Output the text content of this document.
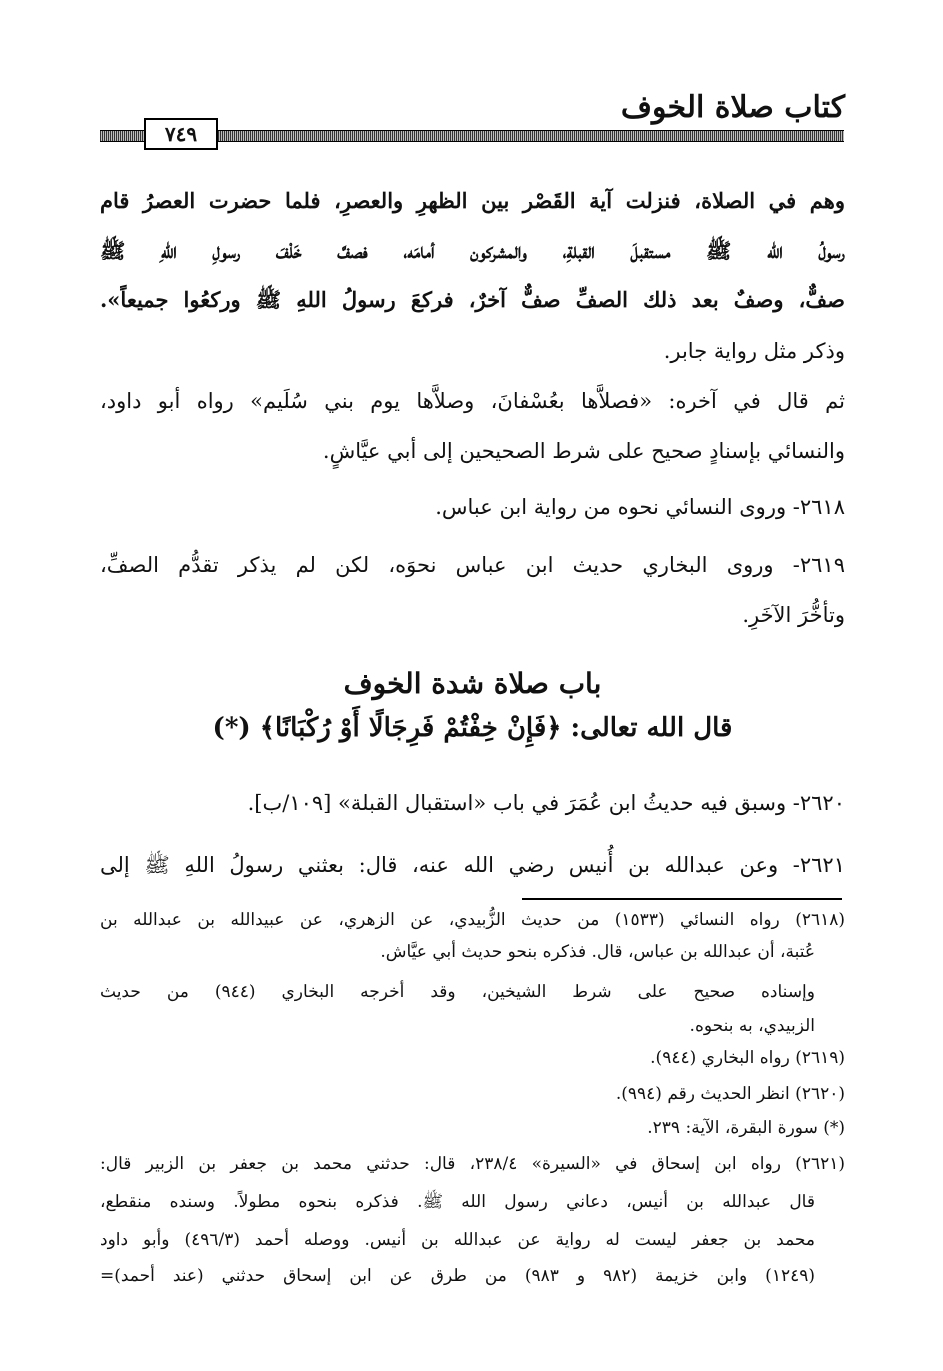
كتاب صلاة الخوف
٧٤٩
وهم في الصلاة، فنزلت آية القَصْر بين الظهرِ والعصرِ، فلما حضرت العصرُ قام
رسولُ الله ﷺ مستقبلَ القبلةِ، والمشركون أمامَه، فصفَّ خَلْفَ رسولِ اللهِ ﷺ
صفٌّ، وصفٌ بعد ذلك الصفِّ صفٌّ آخرٌ، فركعَ رسولُ اللهِ ﷺ وركعُوا جميعاً».
وذكر مثل رواية جابر.
ثم قال في آخره: «فصلاَّها بعُسْفانَ، وصلاَّها يوم بني سُلَيم» رواه أبو داود،
والنسائي بإسنادٍ صحيح على شرط الصحيحين إلى أبي عيَّاشٍ.
٢٦١٨- وروى النسائي نحوه من رواية ابن عباس.
٢٦١٩- وروى البخاري حديث ابن عباس نحوَه، لكن لم يذكر تقدُّم الصفِّ،
وتأخُّرَ الآخَرِ.
باب صلاة شدة الخوف
قال الله تعالى: ﴿فَإِنْ خِفْتُمْ فَرِجَالًا أَوْ رُكْبَانًا﴾ (*)
٢٦٢٠- وسبق فيه حديثُ ابن عُمَرَ في باب «استقبال القبلة» [١٠٩/ب].
٢٦٢١- وعن عبدالله بن أُنيس رضي الله عنه، قال: بعثني رسولُ اللهِ ﷺ إلى
(٢٦١٨) رواه النسائي (١٥٣٣) من حديث الزُّبيدي، عن الزهري، عن عبيدالله بن عبدالله بن
عُتبة، أن عبدالله بن عباس، قال. فذكره بنحو حديث أبي عيَّاش.
وإسناده صحيح على شرط الشيخين، وقد أخرجه البخاري (٩٤٤) من حديث
الزبيدي، به بنحوه.
(٢٦١٩) رواه البخاري (٩٤٤).
(٢٦٢٠) انظر الحديث رقم (٩٩٤).
(*) سورة البقرة، الآية: ٢٣٩.
(٢٦٢١) رواه ابن إسحاق في «السيرة» ٢٣٨/٤، قال: حدثني محمد بن جعفر بن الزبير قال:
قال عبدالله بن أنيس، دعاني رسول الله ﷺ. فذكره بنحوه مطولاً. وسنده منقطع،
محمد بن جعفر ليست له رواية عن عبدالله بن أنيس. ووصله أحمد (٤٩٦/٣) وأبو داود
(١٢٤٩) وابن خزيمة (٩٨٢ و ٩٨٣) من طرق عن ابن إسحاق حدثني (عند أحمد)=
